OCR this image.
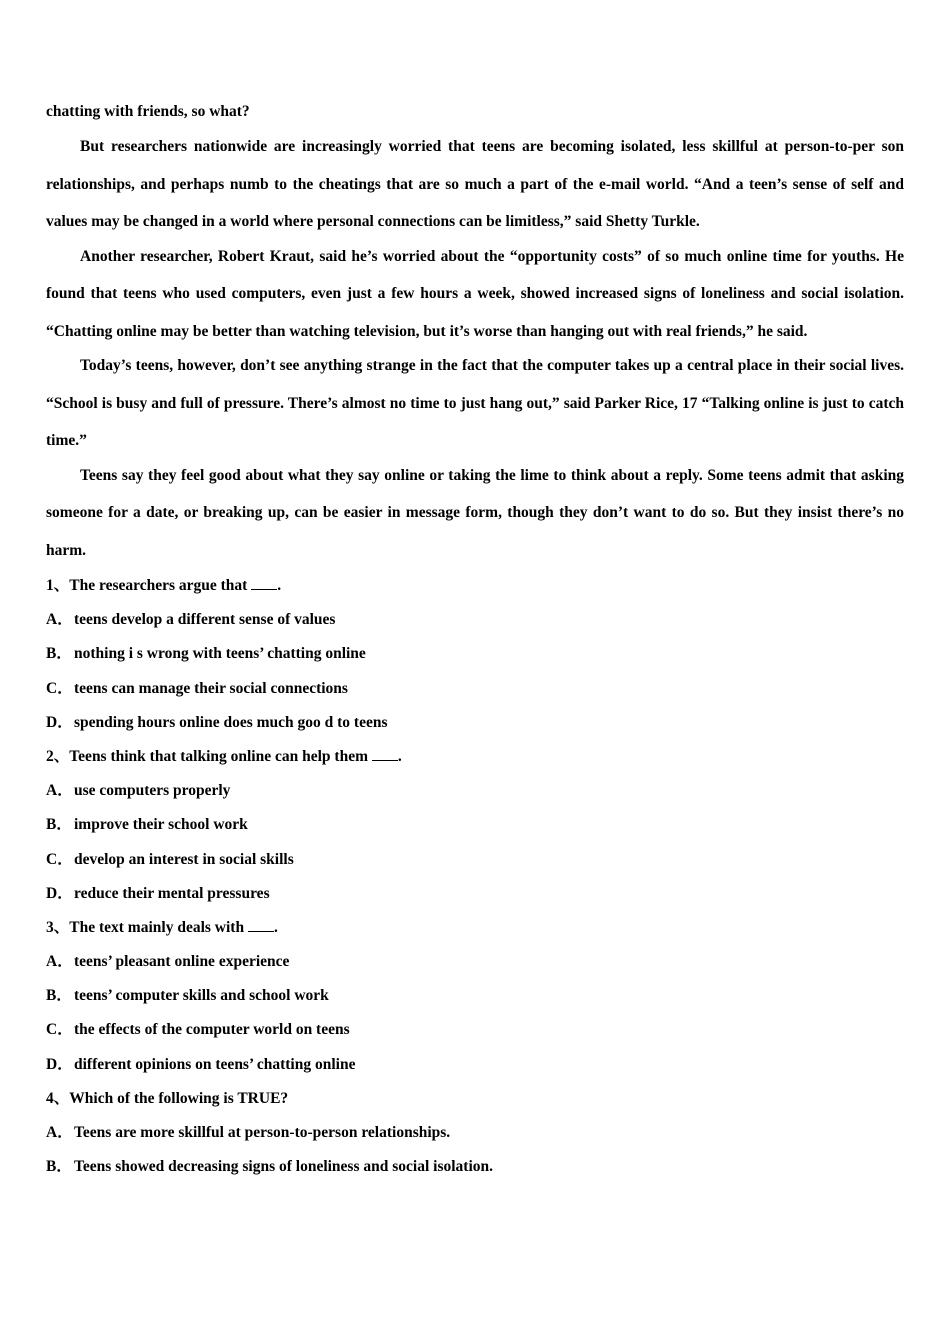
chatting with friends, so what?

But researchers nationwide are increasingly worried that teens are becoming isolated, less skillful at person-to-per son relationships, and perhaps numb to the cheatings that are so much a part of the e-mail world. “And a teen’s sense of self and values may be changed in a world where personal connections can be limitless,” said Shetty Turkle.

Another researcher, Robert Kraut, said he’s worried about the “opportunity costs” of so much online time for youths. He found that teens who used computers, even just a few hours a week, showed increased signs of loneliness and social isolation. “Chatting online may be better than watching television, but it’s worse than hanging out with real friends,” he said.

Today’s teens, however, don’t see anything strange in the fact that the computer takes up a central place in their social lives. “School is busy and full of pressure. There’s almost no time to just hang out,” said Parker Rice, 17 “Talking online is just to catch time.”

Teens say they feel good about what they say online or taking the lime to think about a reply. Some teens admit that asking someone for a date, or breaking up, can be easier in message form, though they don’t want to do so. But they insist there’s no harm.

1、The researchers argue that .

A．teens develop a different sense of values

B． nothing i s wrong with teens’ chatting online

C．teens can manage their social connections

D．spending hours online does much goo d to teens

2、Teens think that talking online can help them .

A．use computers properly

B． improve their school work

C．develop an interest in social skills

D．reduce their mental pressures

3、The text mainly deals with .

A．teens’ pleasant online experience

B． teens’ computer skills and school work

C．the effects of the computer world on teens

D．different opinions on teens’ chatting online

4、Which of the following is TRUE?

A．Teens are more skillful at person-to-person relationships.

B． Teens showed decreasing signs of loneliness and social isolation.
